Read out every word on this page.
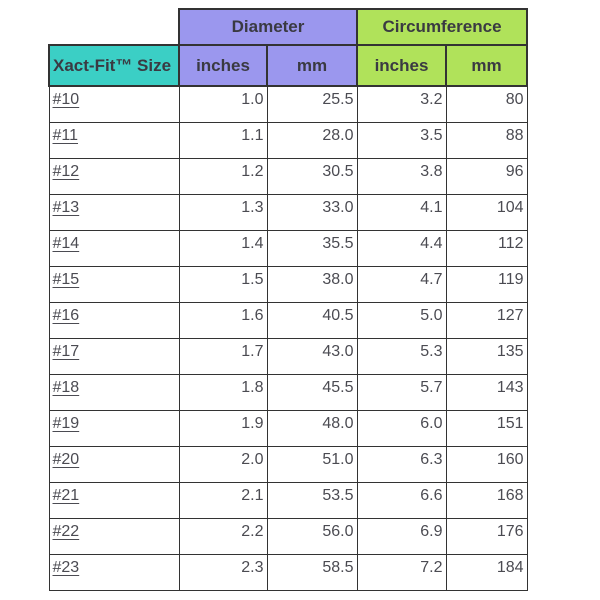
	Diameter		Circumference	
Xact-Fit™ Size	inches	mm	inches	mm
#10	1.0	25.5	3.2	80
#11	1.1	28.0	3.5	88
#12	1.2	30.5	3.8	96
#13	1.3	33.0	4.1	104
#14	1.4	35.5	4.4	112
#15	1.5	38.0	4.7	119
#16	1.6	40.5	5.0	127
#17	1.7	43.0	5.3	135
#18	1.8	45.5	5.7	143
#19	1.9	48.0	6.0	151
#20	2.0	51.0	6.3	160
#21	2.1	53.5	6.6	168
#22	2.2	56.0	6.9	176
#23	2.3	58.5	7.2	184
